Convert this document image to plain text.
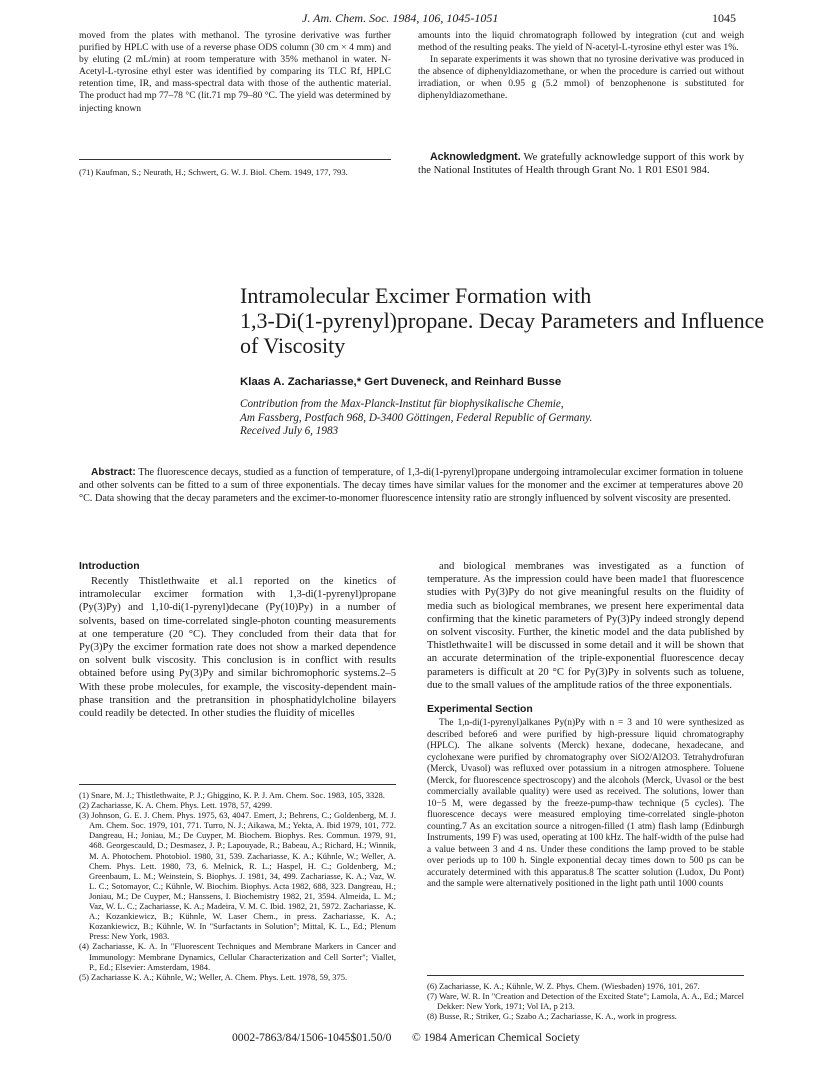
J. Am. Chem. Soc. 1984, 106, 1045-1051	1045

moved from the plates with methanol. The tyrosine derivative was further purified by HPLC with use of a reverse phase ODS column (30 cm × 4 mm) and by eluting (2 mL/min) at room temperature with 35% methanol in water. N-Acetyl-L-tyrosine ethyl ester was identified by comparing its TLC Rf, HPLC retention time, IR, and mass-spectral data with those of the authentic material. The product had mp 77–78 °C (lit.71 mp 79–80 °C. The yield was determined by injecting known

(71) Kaufman, S.; Neurath, H.; Schwert, G. W. J. Biol. Chem. 1949, 177, 793.

amounts into the liquid chromatograph followed by integration (cut and weigh method of the resulting peaks. The yield of N-acetyl-L-tyrosine ethyl ester was 1%.

In separate experiments it was shown that no tyrosine derivative was produced in the absence of diphenyldiazomethane, or when the procedure is carried out without irradiation, or when 0.95 g (5.2 mmol) of benzophenone is substituted for diphenyldiazomethane.

Acknowledgment. We gratefully acknowledge support of this work by the National Institutes of Health through Grant No. 1 R01 ES01 984.
Intramolecular Excimer Formation with
1,3-Di(1-pyrenyl)propane. Decay Parameters and Influence
of Viscosity
Klaas A. Zachariasse,* Gert Duveneck, and Reinhard Busse
Contribution from the Max-Planck-Institut für biophysikalische Chemie,
Am Fassberg, Postfach 968, D-3400 Göttingen, Federal Republic of Germany.
Received July 6, 1983
Abstract: The fluorescence decays, studied as a function of temperature, of 1,3-di(1-pyrenyl)propane undergoing intramolecular excimer formation in toluene and other solvents can be fitted to a sum of three exponentials. The decay times have similar values for the monomer and the excimer at temperatures above 20 °C. Data showing that the decay parameters and the excimer-to-monomer fluorescence intensity ratio are strongly influenced by solvent viscosity are presented.
Introduction

Recently Thistlethwaite et al.1 reported on the kinetics of intramolecular excimer formation with 1,3-di(1-pyrenyl)propane (Py(3)Py) and 1,10-di(1-pyrenyl)decane (Py(10)Py) in a number of solvents, based on time-correlated single-photon counting measurements at one temperature (20 °C). They concluded from their data that for Py(3)Py the excimer formation rate does not show a marked dependence on solvent bulk viscosity. This conclusion is in conflict with results obtained before using Py(3)Py and similar bichromophoric systems.2–5 With these probe molecules, for example, the viscosity-dependent main-phase transition and the pretransition in phosphatidylcholine bilayers could readily be detected. In other studies the fluidity of micelles

(1) Snare, M. J.; Thistlethwaite, P. J.; Ghiggino, K. P. J. Am. Chem. Soc. 1983, 105, 3328.

(2) Zachariasse, K. A. Chem. Phys. Lett. 1978, 57, 4299.

(3) Johnson, G. E. J. Chem. Phys. 1975, 63, 4047. Emert, J.; Behrens, C.; Goldenberg, M. J. Am. Chem. Soc. 1979, 101, 771. Turro, N. J.; Aikawa, M.; Yekta, A. Ibid 1979, 101, 772. Dangreau, H.; Joniau, M.; De Cuyper, M. Biochem. Biophys. Res. Commun. 1979, 91, 468. Georgescauld, D.; Desmasez, J. P.; Lapouyade, R.; Babeau, A.; Richard, H.; Winnik, M. A. Photochem. Photobiol. 1980, 31, 539. Zachariasse, K. A.; Kühnle, W.; Weller, A. Chem. Phys. Lett. 1980, 73, 6. Melnick, R. L.; Haspel, H. C.; Goldenberg, M.; Greenbaum, L. M.; Weinstein, S. Biophys. J. 1981, 34, 499. Zachariasse, K. A.; Vaz, W. L. C.; Sotomayor, C.; Kühnle, W. Biochim. Biophys. Acta 1982, 688, 323. Dangreau, H.; Joniau, M.; De Cuyper, M.; Hanssens, I. Biochemistry 1982, 21, 3594. Almeida, L. M.; Vaz, W. L. C.; Zachariasse, K. A.; Madeira, V. M. C. Ibid. 1982, 21, 5972. Zachariasse, K. A.; Kozankiewicz, B.; Kühnle, W. Laser Chem., in press. Zachariasse, K. A.; Kozankiewicz, B.; Kühnle, W. In "Surfactants in Solution"; Mittal, K. L., Ed.; Plenum Press: New York, 1983.

(4) Zachariasse, K. A. In "Fluorescent Techniques and Membrane Markers in Cancer and Immunology: Membrane Dynamics, Cellular Characterization and Cell Sorter"; Viallet, P., Ed.; Elsevier: Amsterdam, 1984.

(5) Zachariasse K. A.; Kühnle, W.; Weller, A. Chem. Phys. Lett. 1978, 59, 375.

and biological membranes was investigated as a function of temperature. As the impression could have been made1 that fluorescence studies with Py(3)Py do not give meaningful results on the fluidity of media such as biological membranes, we present here experimental data confirming that the kinetic parameters of Py(3)Py indeed strongly depend on solvent viscosity. Further, the kinetic model and the data published by Thistlethwaite1 will be discussed in some detail and it will be shown that an accurate determination of the triple-exponential fluorescence decay parameters is difficult at 20 °C for Py(3)Py in solvents such as toluene, due to the small values of the amplitude ratios of the three exponentials.

Experimental Section

The 1,n-di(1-pyrenyl)alkanes Py(n)Py with n = 3 and 10 were synthesized as described before6 and were purified by high-pressure liquid chromatography (HPLC). The alkane solvents (Merck) hexane, dodecane, hexadecane, and cyclohexane were purified by chromatography over SiO2/Al2O3. Tetrahydrofuran (Merck, Uvasol) was refluxed over potassium in a nitrogen atmosphere. Toluene (Merck, for fluorescence spectroscopy) and the alcohols (Merck, Uvasol or the best commercially available quality) were used as received. The solutions, lower than 10−5 M, were degassed by the freeze-pump-thaw technique (5 cycles). The fluorescence decays were measured employing time-correlated single-photon counting.7 As an excitation source a nitrogen-filled (1 atm) flash lamp (Edinburgh Instruments, 199 F) was used, operating at 100 kHz. The half-width of the pulse had a value between 3 and 4 ns. Under these conditions the lamp proved to be stable over periods up to 100 h. Single exponential decay times down to 500 ps can be accurately determined with this apparatus.8 The scatter solution (Ludox, Du Pont) and the sample were alternatively positioned in the light path until 1000 counts

(6) Zachariasse, K. A.; Kühnle, W. Z. Phys. Chem. (Wiesbaden) 1976, 101, 267.

(7) Ware, W. R. In "Creation and Detection of the Excited State"; Lamola, A. A., Ed.; Marcel Dekker: New York, 1971; Vol IA, p 213.

(8) Busse, R.; Striker, G.; Szabo A.; Zachariasse, K. A., work in progress.

0002-7863/84/1506-1045$01.50/0 © 1984 American Chemical Society
